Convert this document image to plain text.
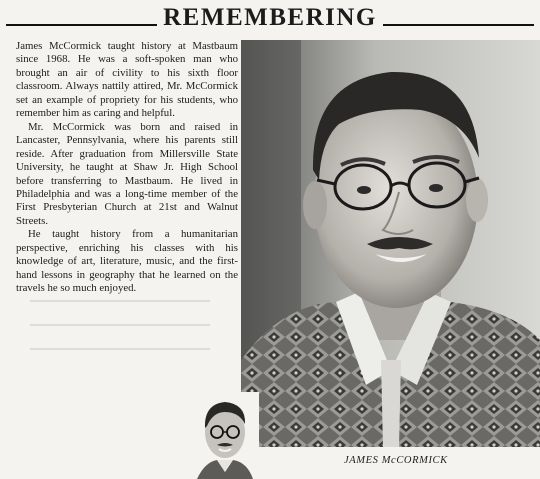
REMEMBERING

James McCormick taught history at Mastbaum since 1968. He was a soft-spoken man who brought an air of civility to his sixth floor classroom. Always nattily attired, Mr. McCormick set an example of propriety for his students, who remember him as caring and helpful.

Mr. McCormick was born and raised in Lancaster, Pennsylvania, where his parents still reside. After graduation from Millersville State University, he taught at Shaw Jr. High School before transferring to Mastbaum. He lived in Philadelphia and was a long-time member of the First Presbyterian Church at 21st and Walnut Streets.

He taught history from a humanitarian perspective, enriching his classes with his knowledge of art, literature, music, and the first-hand lessons in geography that he learned on the travels he so much enjoyed.

JAMES McCORMICK
